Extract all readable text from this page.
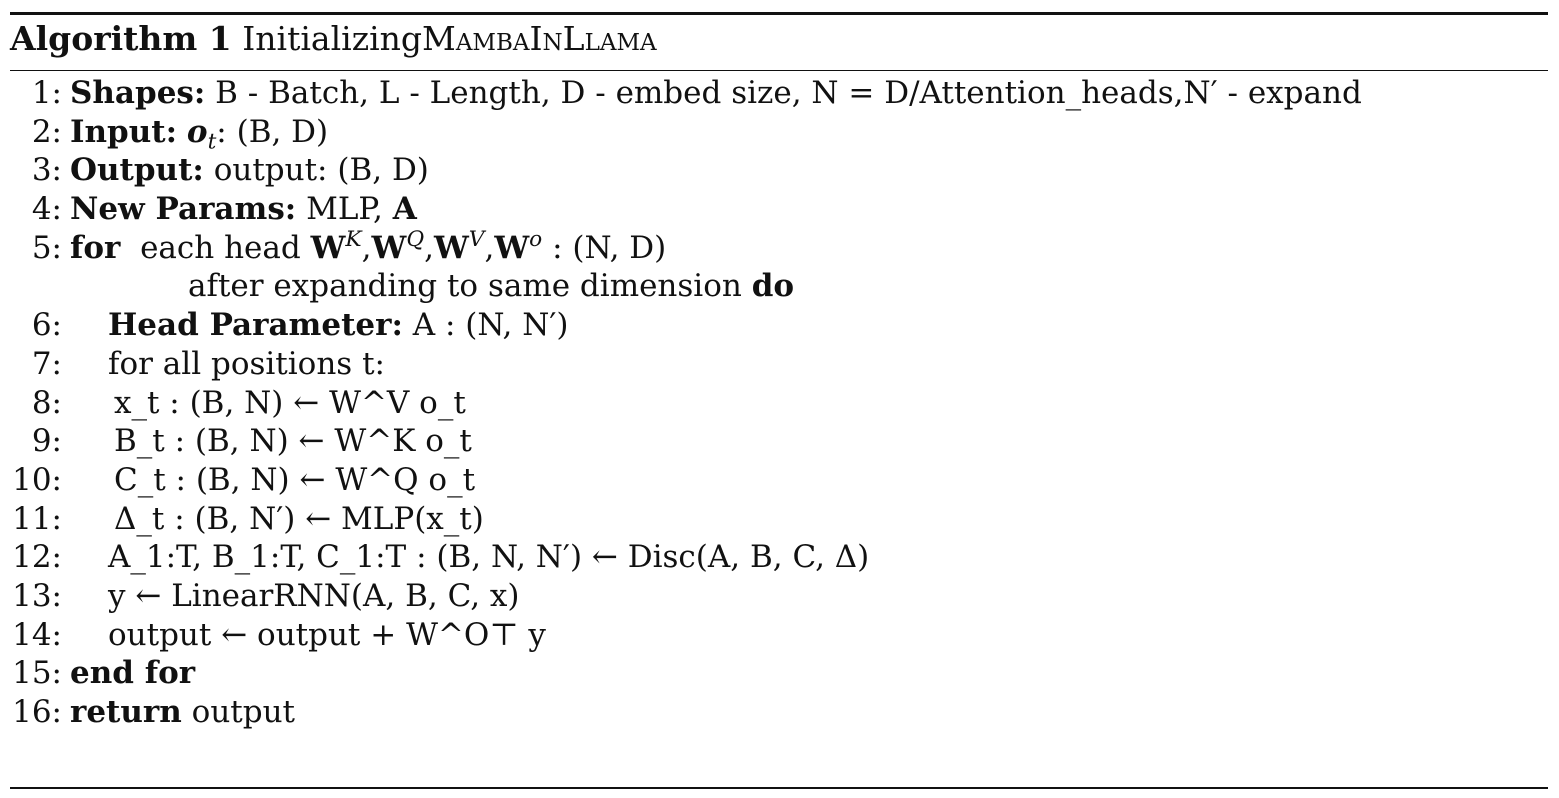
Algorithm 1 InitializingMambaInLlama
1: Shapes: B - Batch, L - Length, D - embed size, N = D/Attention_heads,N′ - expand
2: Input: $o_t$: (B, D)
3: Output: output: (B, D)
4: New Params: MLP, A
5: for each head $W^K,W^Q,W^V,W^o$ : (N, D)
after expanding to same dimension do
6: Head Parameter: A : (N, N′)
7: for all positions t:
8: x_t : (B, N) ← W^V o_t
9: B_t : (B, N) ← W^K o_t
10: C_t : (B, N) ← W^Q o_t
11: Δ_t : (B, N′) ← MLP(x_t)
12: A_1:T, B_1:T, C_1:T : (B, N, N′) ← Disc(A, B, C, Δ)
13: y ← LinearRNN(A, B, C, x)
14: output ← output + W^O⊤ y
15: end for
16: return output
